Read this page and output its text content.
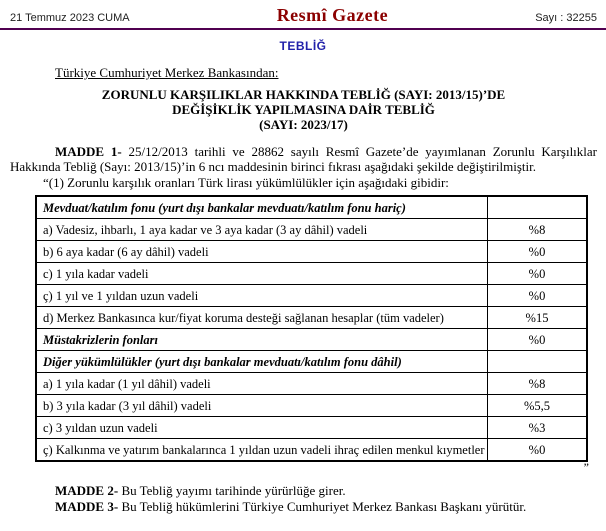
21 Temmuz 2023 CUMA	Resmî Gazete	Sayı : 32255
TEBLİĞ

Türkiye Cumhuriyet Merkez Bankasından:

ZORUNLU KARŞILIKLAR HAKKINDA TEBLİĞ (SAYI: 2013/15)’DE
DEĞİŞİKLİK YAPILMASINA DAİR TEBLİĞ
(SAYI: 2023/17)

MADDE 1- 25/12/2013 tarihli ve 28862 sayılı Resmî Gazete’de yayımlanan Zorunlu Karşılıklar Hakkında Tebliğ (Sayı: 2013/15)’in 6 ncı maddesinin birinci fıkrası aşağıdaki şekilde değiştirilmiştir.

“(1) Zorunlu karşılık oranları Türk lirası yükümlülükler için aşağıdaki gibidir:

Mevduat/katılım fonu (yurt dışı bankalar mevduatı/katılım fonu hariç)	
a) Vadesiz, ihbarlı, 1 aya kadar ve 3 aya kadar (3 ay dâhil) vadeli	%8
b) 6 aya kadar (6 ay dâhil) vadeli	%0
c) 1 yıla kadar vadeli	%0
ç) 1 yıl ve 1 yıldan uzun vadeli	%0
d) Merkez Bankasınca kur/fiyat koruma desteği sağlanan hesaplar (tüm vadeler)	%15
Müstakrizlerin fonları	%0
Diğer yükümlülükler (yurt dışı bankalar mevduatı/katılım fonu dâhil)	
a) 1 yıla kadar (1 yıl dâhil) vadeli	%8
b) 3 yıla kadar (3 yıl dâhil) vadeli	%5,5
c) 3 yıldan uzun vadeli	%3
ç) Kalkınma ve yatırım bankalarınca 1 yıldan uzun vadeli ihraç edilen menkul kıymetler	%0
”

MADDE 2- Bu Tebliğ yayımı tarihinde yürürlüğe girer.

MADDE 3- Bu Tebliğ hükümlerini Türkiye Cumhuriyet Merkez Bankası Başkanı yürütür.
